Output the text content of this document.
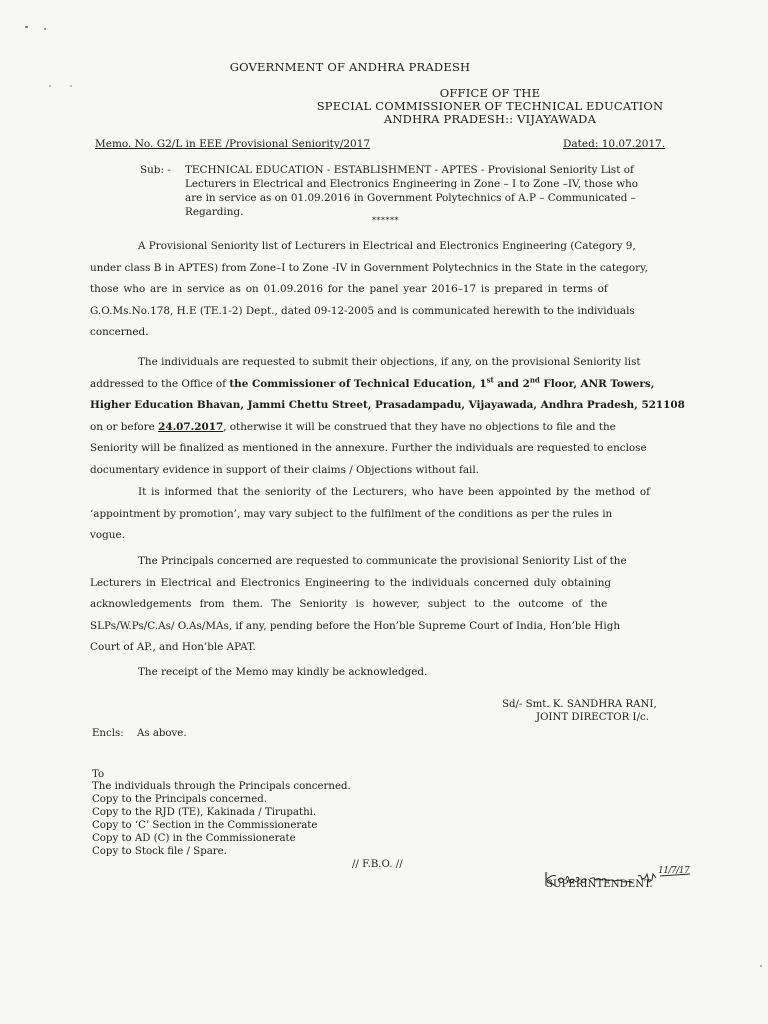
GOVERNMENT OF ANDHRA PRADESH
OFFICE OF THE
SPECIAL COMMISSIONER OF TECHNICAL EDUCATION
ANDHRA PRADESH:: VIJAYAWADA
Memo. No. G2/L in EEE /Provisional Seniority/2017	Dated: 10.07.2017.
Sub: - TECHNICAL EDUCATION - ESTABLISHMENT - APTES - Provisional Seniority List of
Lecturers in Electrical and Electronics Engineering in Zone – I to Zone –IV, those who
are in service as on 01.09.2016 in Government Polytechnics of A.P – Communicated –
Regarding.
******
A Provisional Seniority list of Lecturers in Electrical and Electronics Engineering (Category 9,
under class B in APTES) from Zone–I to Zone -IV in Government Polytechnics in the State in the category,
those who are in service as on 01.09.2016 for the panel year 2016–17 is prepared in terms of
G.O.Ms.No.178, H.E (TE.1-2) Dept., dated 09-12-2005 and is communicated herewith to the individuals
concerned.
The individuals are requested to submit their objections, if any, on the provisional Seniority list
addressed to the Office of the Commissioner of Technical Education, 1st and 2nd Floor, ANR Towers,
Higher Education Bhavan, Jammi Chettu Street, Prasadampadu, Vijayawada, Andhra Pradesh, 521108
on or before 24.07.2017, otherwise it will be construed that they have no objections to file and the
Seniority will be finalized as mentioned in the annexure. Further the individuals are requested to enclose
documentary evidence in support of their claims / Objections without fail.
It is informed that the seniority of the Lecturers, who have been appointed by the method of
‘appointment by promotion’, may vary subject to the fulfilment of the conditions as per the rules in
vogue.
The Principals concerned are requested to communicate the provisional Seniority List of the
Lecturers in Electrical and Electronics Engineering to the individuals concerned duly obtaining
acknowledgements from them. The Seniority is however, subject to the outcome of the
SLPs/W.Ps/C.As/ O.As/MAs, if any, pending before the Hon’ble Supreme Court of India, Hon’ble High
Court of AP., and Hon’ble APAT.
The receipt of the Memo may kindly be acknowledged.
Sd/- Smt. K. SANDHRA RANI,
JOINT DIRECTOR I/c.
Encls: As above.
To
The individuals through the Principals concerned.
Copy to the Principals concerned.
Copy to the RJD (TE), Kakinada / Tirupathi.
Copy to ‘C’ Section in the Commissionerate
Copy to AD (C) in the Commissionerate
Copy to Stock file / Spare.
// F.B.O. //
11/7/17
SUPERINTENDENT.
